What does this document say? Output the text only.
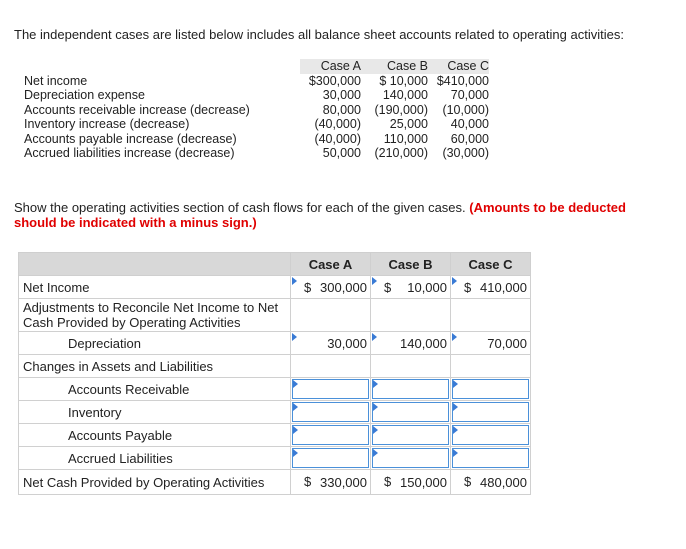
The independent cases are listed below includes all balance sheet accounts related to operating activities:
	Case A	Case B	Case C
Net income	$300,000	$ 10,000	$410,000
Depreciation expense	30,000	140,000	70,000
Accounts receivable increase (decrease)	80,000	(190,000)	(10,000)
Inventory increase (decrease)	(40,000)	25,000	40,000
Accounts payable increase (decrease)	(40,000)	110,000	60,000
Accrued liabilities increase (decrease)	50,000	(210,000)	(30,000)
Show the operating activities section of cash flows for each of the given cases. (Amounts to be deducted should be indicated with a minus sign.)
	Case A	Case B	Case C
Net Income	$ 300,000	$ 10,000	$ 410,000
Adjustments to Reconcile Net Income to Net Cash Provided by Operating Activities			
Depreciation	30,000	140,000	70,000
Changes in Assets and Liabilities			
Accounts Receivable	

Inventory	

Accounts Payable	

Accrued Liabilities	

Net Cash Provided by Operating Activities	$ 330,000	$ 150,000	$ 480,000
